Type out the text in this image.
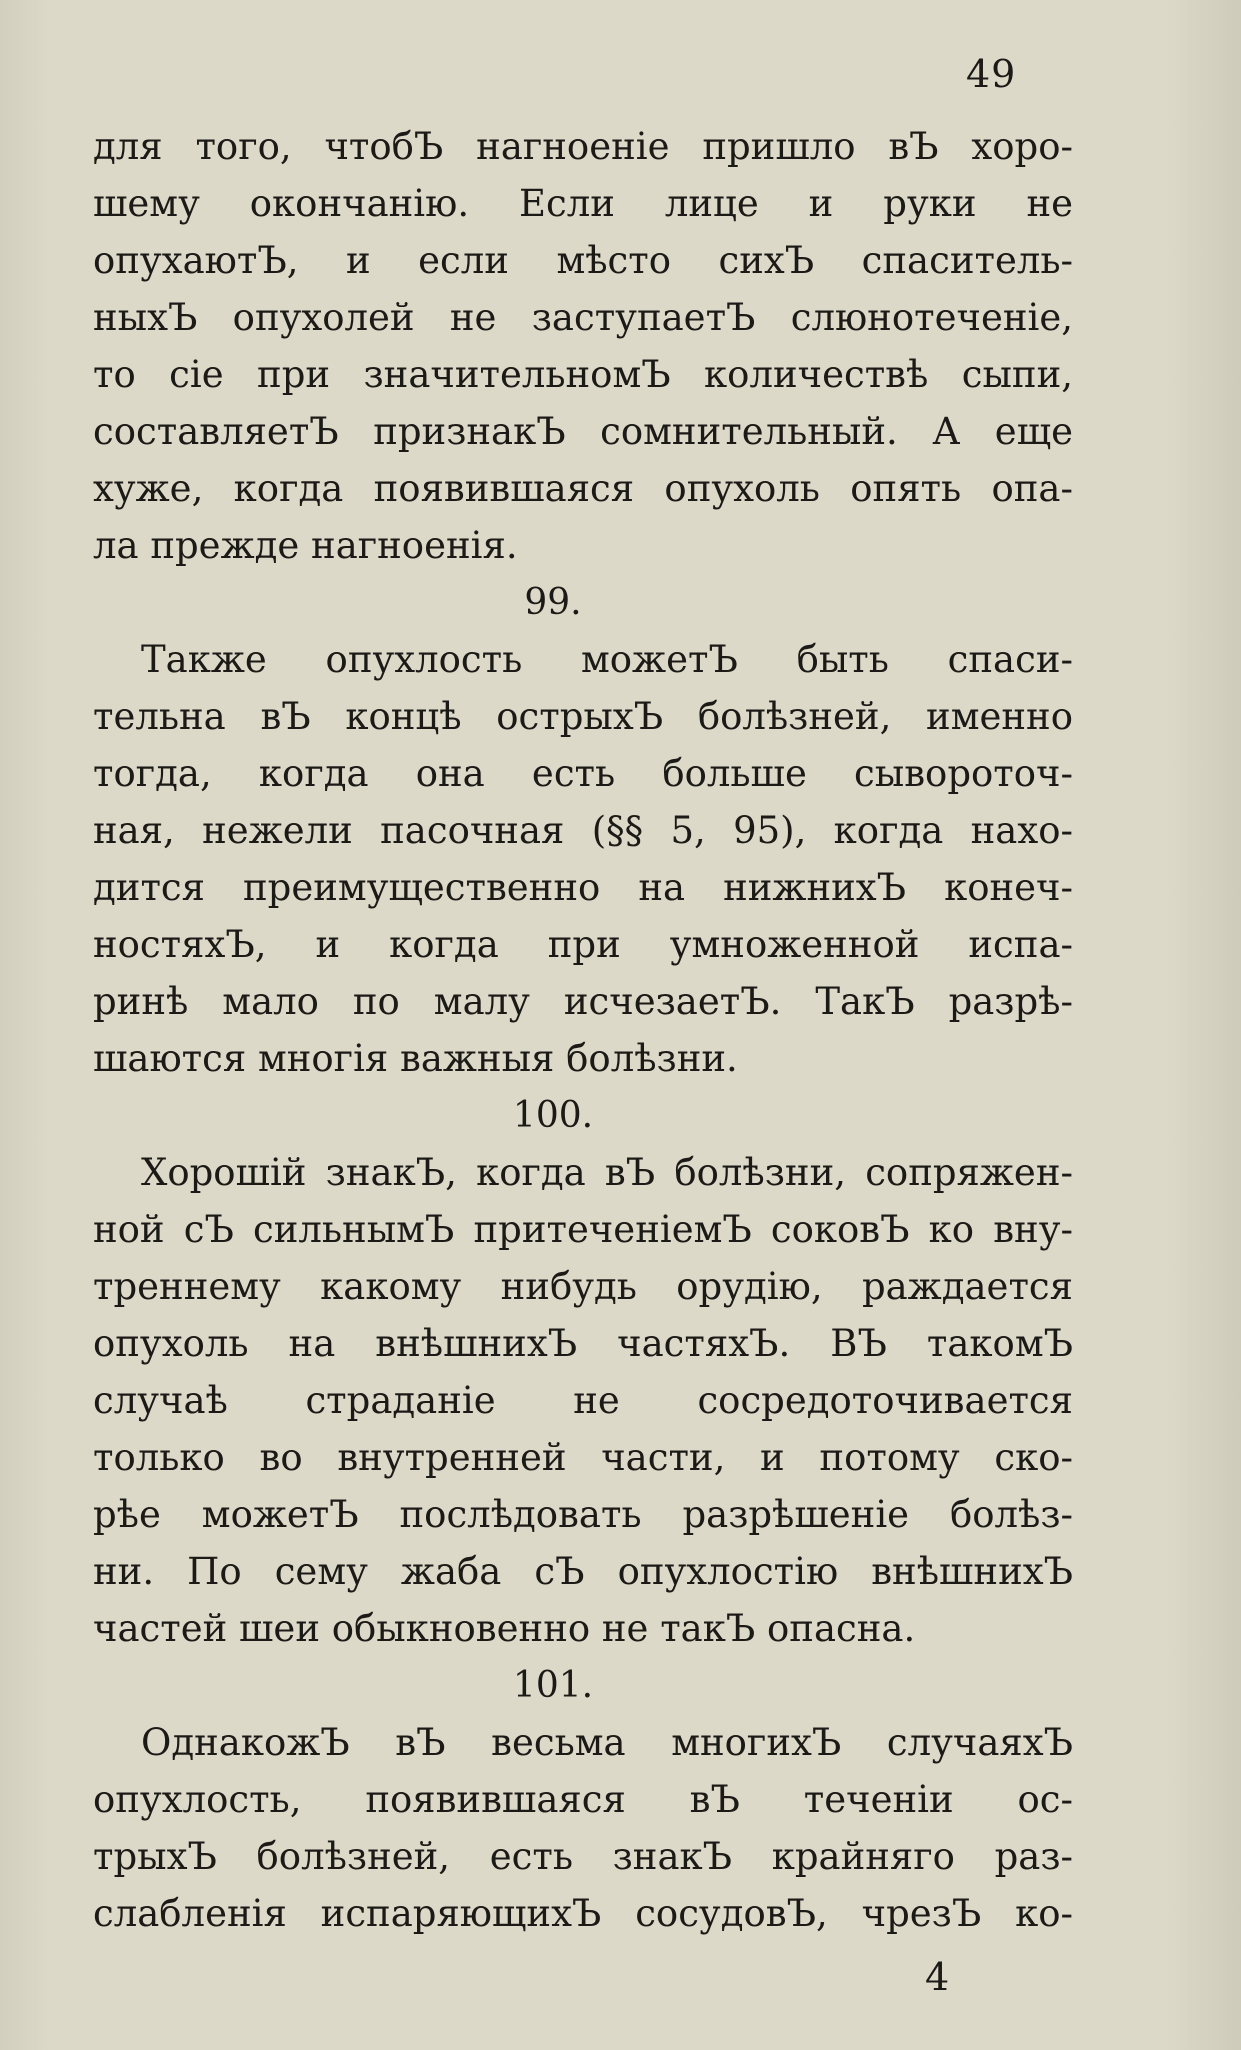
49
для того, чтобЪ нагноеніе пришло вЪ хоро-
шему окончанію. Если лице и руки не
опухаютЪ, и если мѣсто сихЪ спаситель-
ныхЪ опухолей не заступаетЪ слюнотеченіе,
то сіе при значительномЪ количествѣ сыпи,
составляетЪ признакЪ сомнительный. А еще
хуже, когда появившаяся опухоль опять опа-
ла прежде нагноенія.
99.
Также опухлость можетЪ быть спаси-
тельна вЪ концѣ острыхЪ болѣзней, именно
тогда, когда она есть больше сывороточ-
ная, нежели пасочная (§§ 5, 95), когда нахо-
дится преимущественно на нижнихЪ конеч-
ностяхЪ, и когда при умноженной испа-
ринѣ мало по малу исчезаетЪ. ТакЪ разрѣ-
шаются многія важныя болѣзни.
100.
Хорошій знакЪ, когда вЪ болѣзни, сопряжен-
ной сЪ сильнымЪ притеченіемЪ соковЪ ко вну-
треннему какому нибудь орудію, раждается
опухоль на внѣшнихЪ частяхЪ. ВЪ такомЪ
случаѣ страданіе не сосредоточивается
только во внутренней части, и потому ско-
рѣе можетЪ послѣдовать разрѣшеніе болѣз-
ни. По сему жаба сЪ опухлостію внѣшнихЪ
частей шеи обыкновенно не такЪ опасна.
101.
ОднакожЪ вЪ весьма многихЪ случаяхЪ
опухлость, появившаяся вЪ теченіи ос-
трыхЪ болѣзней, есть знакЪ крайняго раз-
слабленія испаряющихЪ сосудовЪ, чрезЪ ко-
4
